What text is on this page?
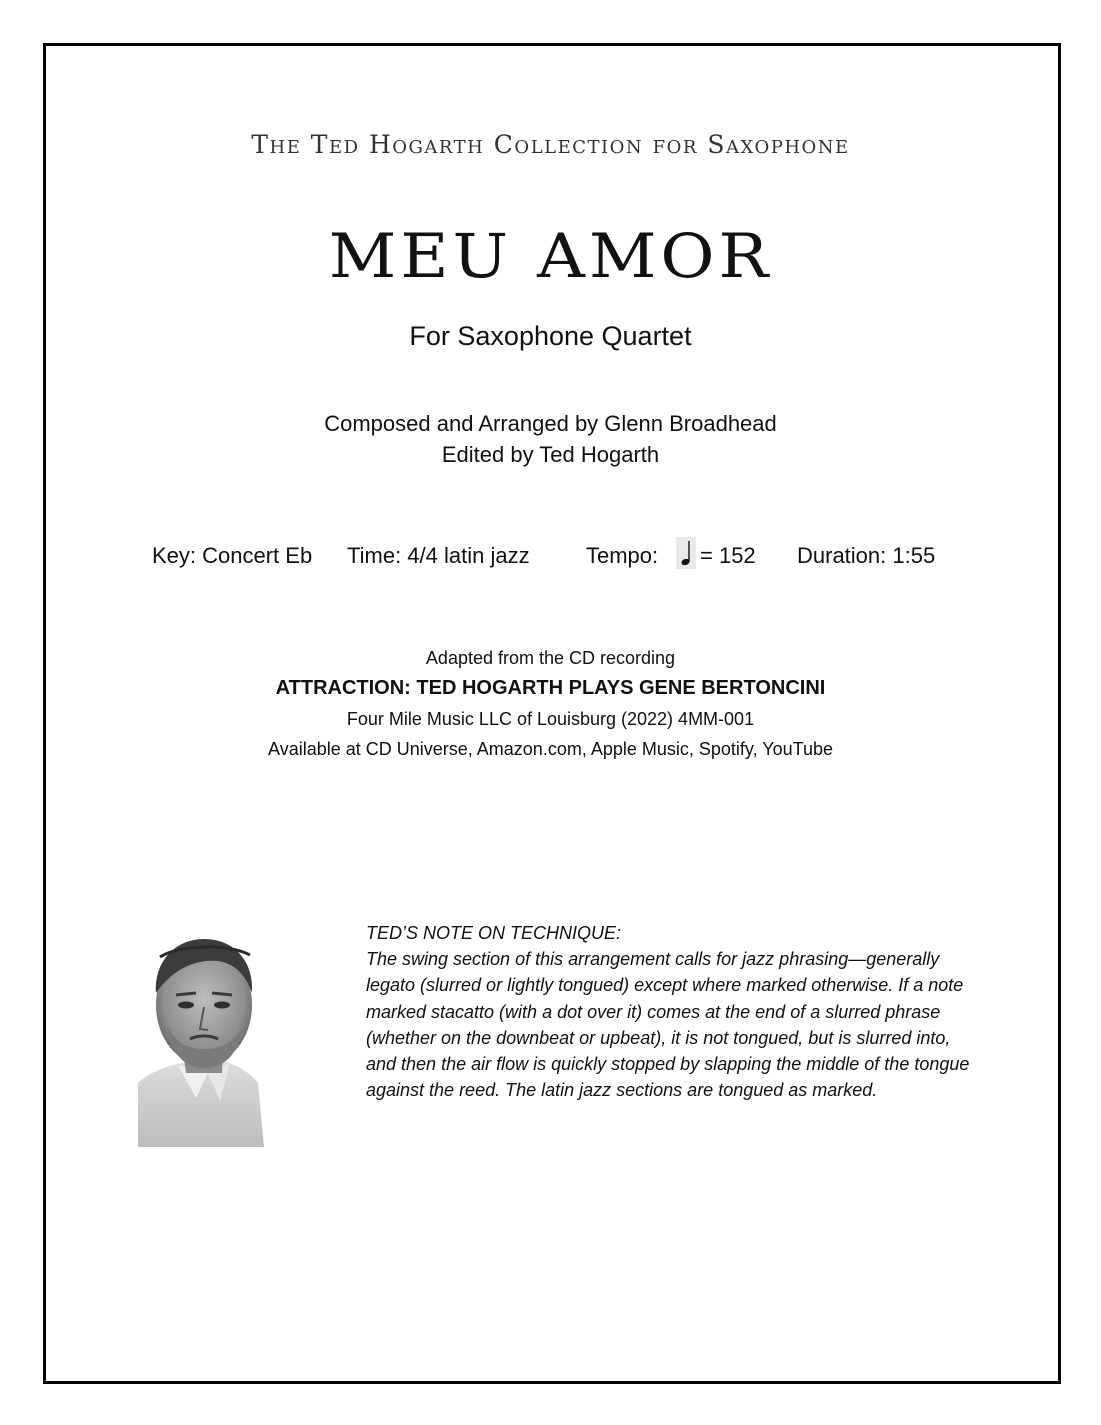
The Ted Hogarth Collection for Saxophone
MEU AMOR
For Saxophone Quartet
Composed and Arranged by Glenn Broadhead
Edited by Ted Hogarth
Key: Concert Eb Time: 4/4 latin jazz	Tempo: = 152 Duration: 1:55
Adapted from the CD recording
ATTRACTION: TED HOGARTH PLAYS GENE BERTONCINI
Four Mile Music LLC of Louisburg (2022) 4MM-001
Available at CD Universe, Amazon.com, Apple Music, Spotify, YouTube
TED’S NOTE ON TECHNIQUE:
The swing section of this arrangement calls for jazz phrasing—generally legato (slurred or lightly tongued) except where marked otherwise. If a note marked stacatto (with a dot over it) comes at the end of a slurred phrase (whether on the downbeat or upbeat), it is not tongued, but is slurred into, and then the air flow is quickly stopped by slapping the middle of the tongue against the reed. The latin jazz sections are tongued as marked.
